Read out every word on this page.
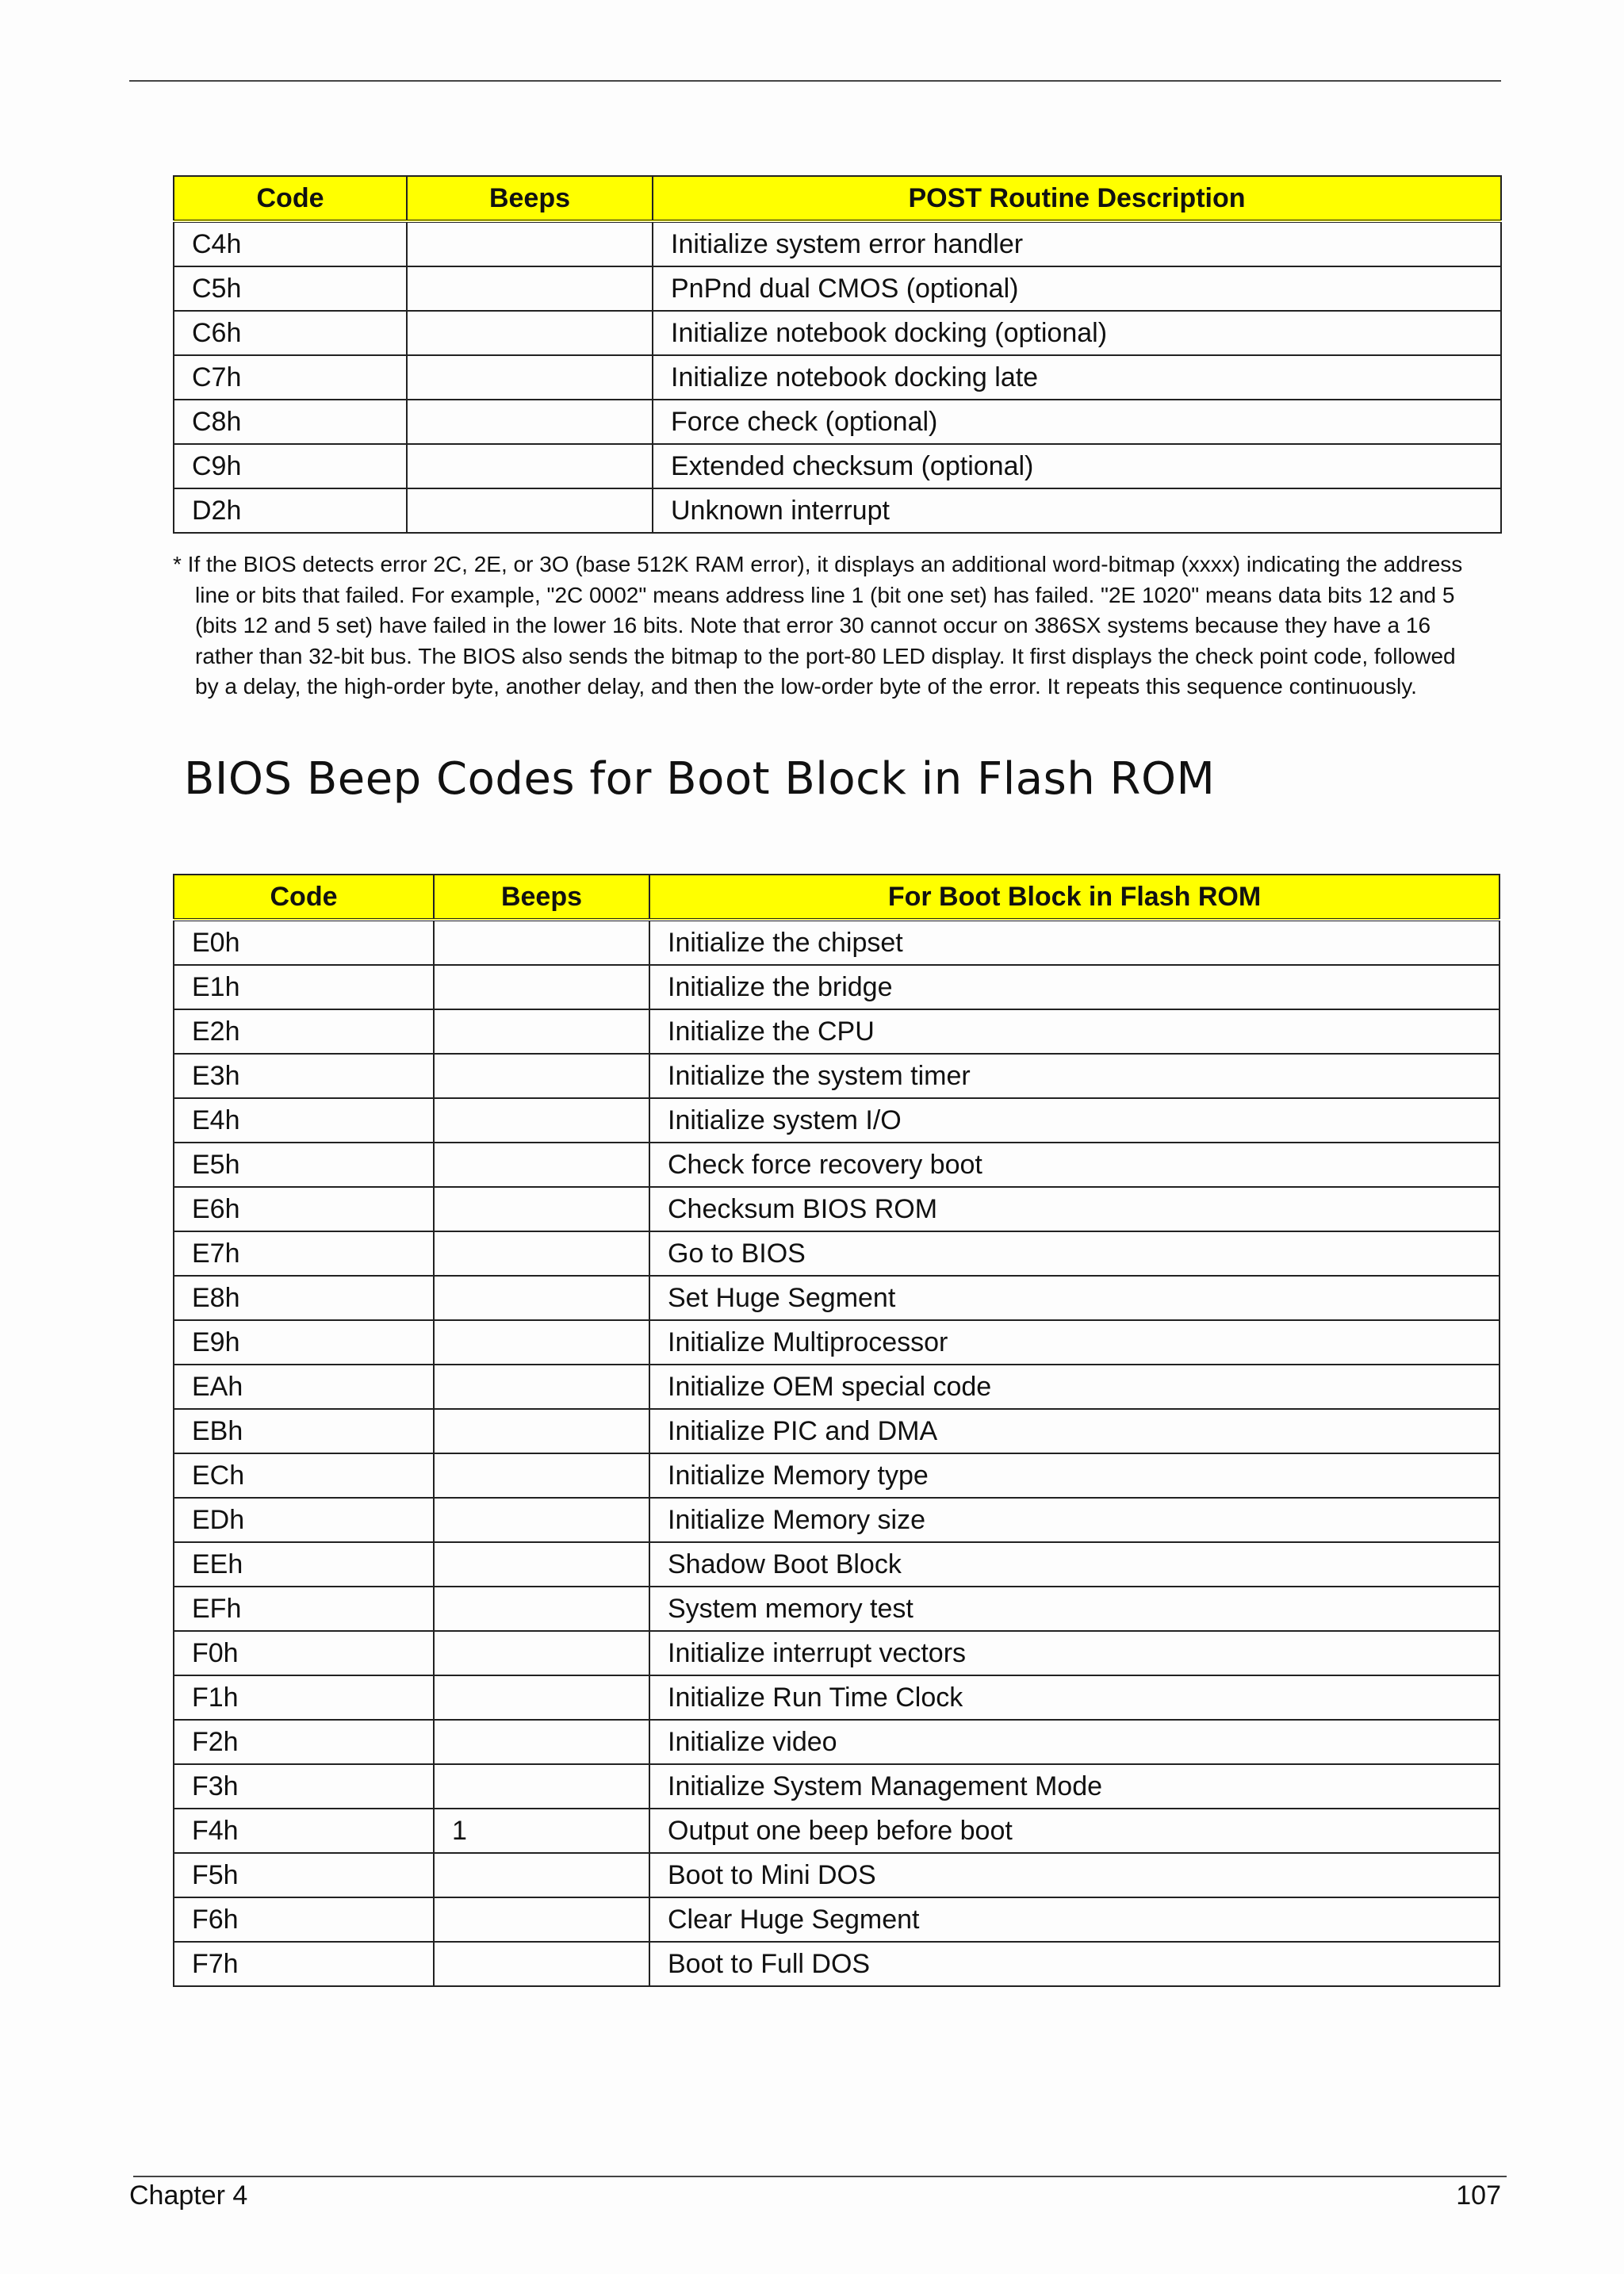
Code	Beeps	POST Routine Description
C4h		Initialize system error handler
C5h		PnPnd dual CMOS (optional)
C6h		Initialize notebook docking (optional)
C7h		Initialize notebook docking late
C8h		Force check (optional)
C9h		Extended checksum (optional)
D2h		Unknown interrupt
* If the BIOS detects error 2C, 2E, or 3O (base 512K RAM error), it displays an additional word-bitmap (xxxx) indicating the address line or bits that failed. For example, "2C 0002" means address line 1 (bit one set) has failed. "2E 1020" means data bits 12 and 5 (bits 12 and 5 set) have failed in the lower 16 bits. Note that error 30 cannot occur on 386SX systems because they have a 16 rather than 32-bit bus. The BIOS also sends the bitmap to the port-80 LED display. It first displays the check point code, followed by a delay, the high-order byte, another delay, and then the low-order byte of the error. It repeats this sequence continuously.
BIOS Beep Codes for Boot Block in Flash ROM
Code	Beeps	For Boot Block in Flash ROM
E0h		Initialize the chipset
E1h		Initialize the bridge
E2h		Initialize the CPU
E3h		Initialize the system timer
E4h		Initialize system I/O
E5h		Check force recovery boot
E6h		Checksum BIOS ROM
E7h		Go to BIOS
E8h		Set Huge Segment
E9h		Initialize Multiprocessor
EAh		Initialize OEM special code
EBh		Initialize PIC and DMA
ECh		Initialize Memory type
EDh		Initialize Memory size
EEh		Shadow Boot Block
EFh		System memory test
F0h		Initialize interrupt vectors
F1h		Initialize Run Time Clock
F2h		Initialize video
F3h		Initialize System Management Mode
F4h	1	Output one beep before boot
F5h		Boot to Mini DOS
F6h		Clear Huge Segment
F7h		Boot to Full DOS
Chapter 4	107
